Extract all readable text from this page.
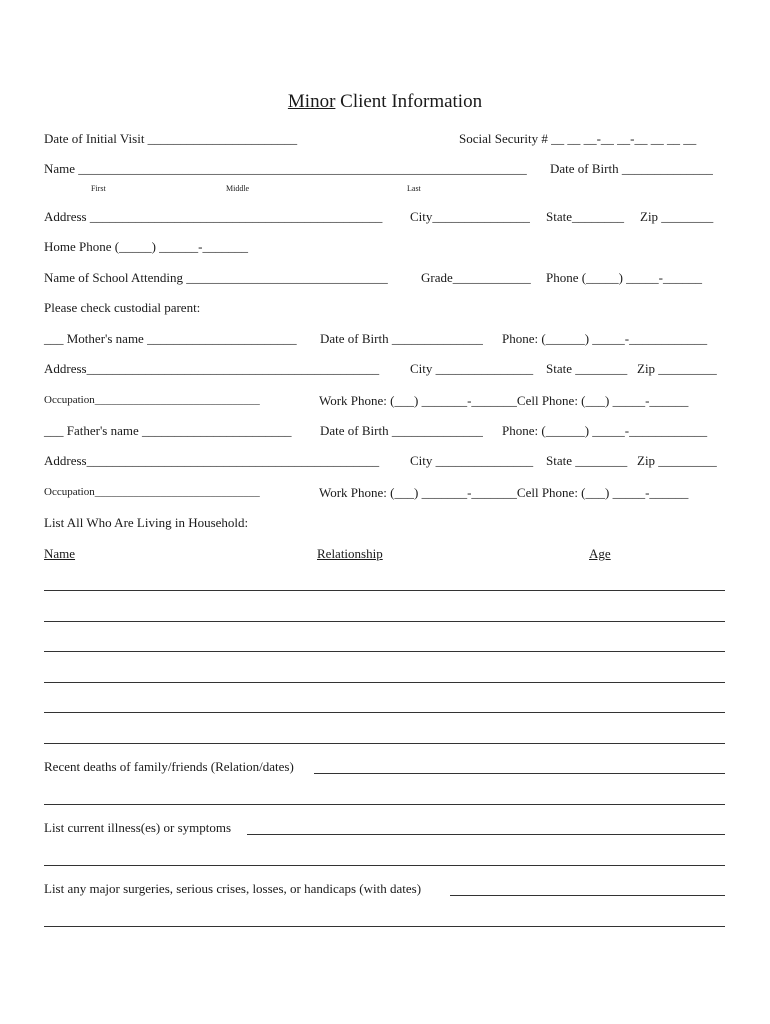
Minor Client Information
Date of Initial Visit _______________________	Social Security # __ __ __-__ __-__ __ __ __
Name _____________________________________________________________________ Date of Birth ______________
First	Middle	Last
Address _____________________________________________ City_______________ State________ Zip ________
Home Phone (_____) ______-_______
Name of School Attending _______________________________	Grade____________ Phone (_____) _____-______
Please check custodial parent:
___ Mother's name _______________________ Date of Birth ______________ Phone: (______) _____-____________
Address_____________________________________________ City _______________ State ________ Zip _________
Occupation______________________________	Work Phone: (___) _______-_______Cell Phone: (___) _____-______
___ Father's name _______________________ Date of Birth ______________ Phone: (______) _____-____________
Address_____________________________________________ City _______________ State ________ Zip _________
Occupation______________________________	Work Phone: (___) _______-_______Cell Phone: (___) _____-______
List All Who Are Living in Household:
Name	Relationship	Age
Recent deaths of family/friends (Relation/dates)
List current illness(es) or symptoms
List any major surgeries, serious crises, losses, or handicaps (with dates)
